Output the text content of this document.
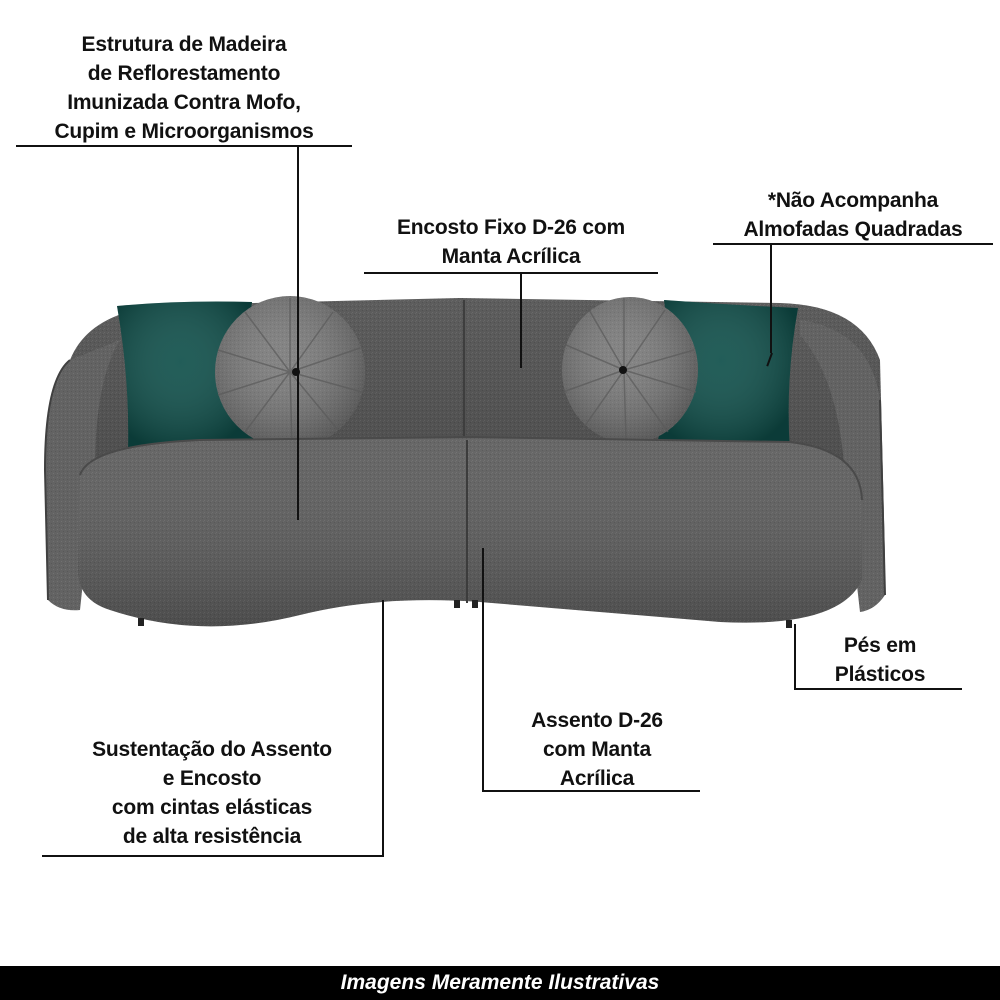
Estrutura de Madeira
de Reflorestamento
Imunizada Contra Mofo,
Cupim e Microorganismos
Encosto Fixo D-26 com
Manta Acrílica
*Não Acompanha
Almofadas Quadradas
Pés em
Plásticos
Assento D-26
com Manta
Acrílica
Sustentação do Assento
e Encosto
com cintas elásticas
de alta resistência
Imagens Meramente Ilustrativas
